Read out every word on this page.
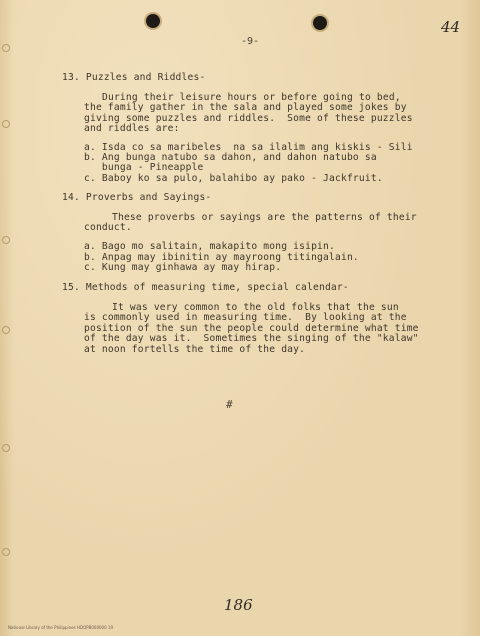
-9-
44
13. Puzzles and Riddles-
During their leisure hours or before going to bed,
the family gather in the sala and played some jokes by
giving some puzzles and riddles.  Some of these puzzles
and riddles are:
a. Isda co sa maribeles  na sa ilalim ang kiskis - Sili
b. Ang bunga natubo sa dahon, and dahon natubo sa
bunga - Pineapple
c. Baboy ko sa pulo, balahibo ay pako - Jackfruit.
14. Proverbs and Sayings-
These proverbs or sayings are the patterns of their
conduct.
a. Bago mo salitain, makapito mong isipin.
b. Anpag may ibinitin ay mayroong titingalain.
c. Kung may ginhawa ay may hirap.
15. Methods of measuring time, special calendar-
It was very common to the old folks that the sun
is commonly used in measuring time.  By looking at the
position of the sun the people could determine what time
of the day was it.  Sometimes the singing of the "kalaw"
at noon fortells the time of the day.
#
186
National Library of the Philippines HDOPB000000 19
